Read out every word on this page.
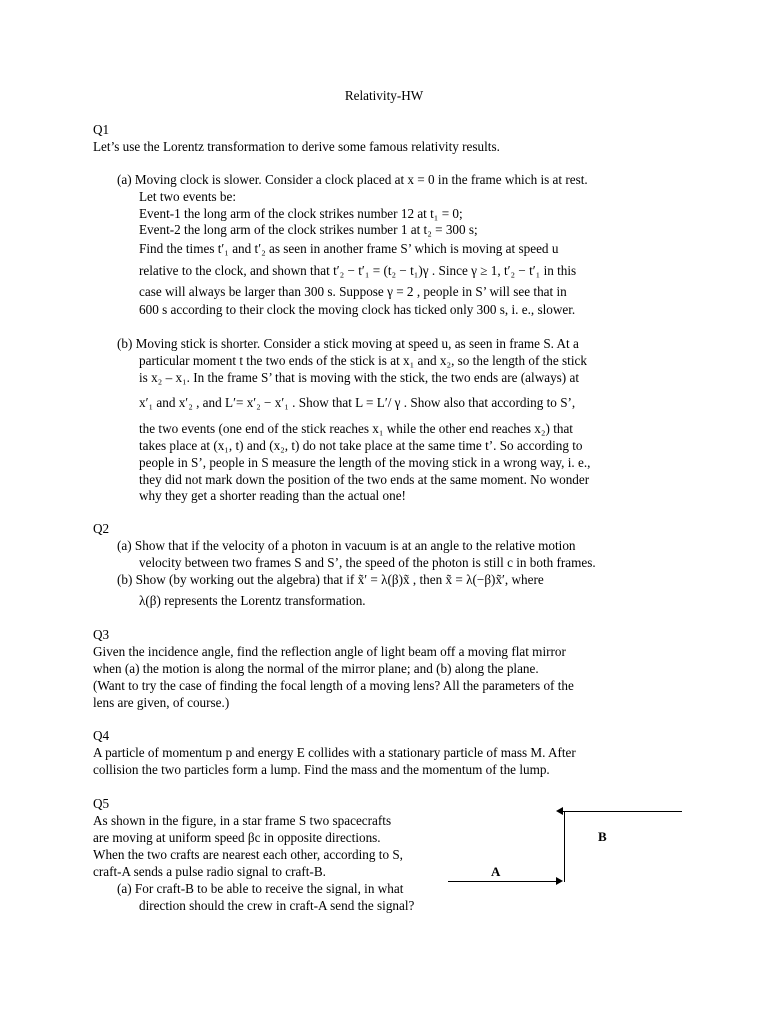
Relativity-HW
Q1
Let’s use the Lorentz transformation to derive some famous relativity results.
(a) Moving clock is slower. Consider a clock placed at x = 0 in the frame which is at rest.
Let two events be:
Event-1 the long arm of the clock strikes number 12 at t₁ = 0;
Event-2 the long arm of the clock strikes number 1 at t₂ = 300 s;
Find the times t′₁ and t′₂ as seen in another frame S’ which is moving at speed u
relative to the clock, and shown that t′₂ − t′₁ = (t₂ − t₁)γ . Since γ ≥ 1, t′₂ − t′₁ in this
case will always be larger than 300 s. Suppose γ = 2 , people in S’ will see that in
600 s according to their clock the moving clock has ticked only 300 s, i. e., slower.
(b) Moving stick is shorter. Consider a stick moving at speed u, as seen in frame S. At a
particular moment t the two ends of the stick is at x₁ and x₂, so the length of the stick
is x₂ – x₁. In the frame S’ that is moving with the stick, the two ends are (always) at
x′₁ and x′₂ , and L′= x′₂ − x′₁ . Show that L = L′/ γ . Show also that according to S’,
the two events (one end of the stick reaches x₁ while the other end reaches x₂) that
takes place at (x₁, t) and (x₂, t) do not take place at the same time t’. So according to
people in S’, people in S measure the length of the moving stick in a wrong way, i. e.,
they did not mark down the position of the two ends at the same moment. No wonder
why they get a shorter reading than the actual one!
Q2
(a) Show that if the velocity of a photon in vacuum is at an angle to the relative motion
velocity between two frames S and S’, the speed of the photon is still c in both frames.
(b) Show (by working out the algebra) that if x̃′ = λ(β)x̃ , then x̃ = λ(−β)x̃′, where
λ(β) represents the Lorentz transformation.
Q3
Given the incidence angle, find the reflection angle of light beam off a moving flat mirror
when (a) the motion is along the normal of the mirror plane; and (b) along the plane.
(Want to try the case of finding the focal length of a moving lens? All the parameters of the
lens are given, of course.)
Q4
A particle of momentum p and energy E collides with a stationary particle of mass M. After
collision the two particles form a lump. Find the mass and the momentum of the lump.
Q5
As shown in the figure, in a star frame S two spacecrafts
are moving at uniform speed βc in opposite directions.
When the two crafts are nearest each other, according to S,
craft-A sends a pulse radio signal to craft-B.
(a) For craft-B to be able to receive the signal, in what
direction should the crew in craft-A send the signal?
B
A
